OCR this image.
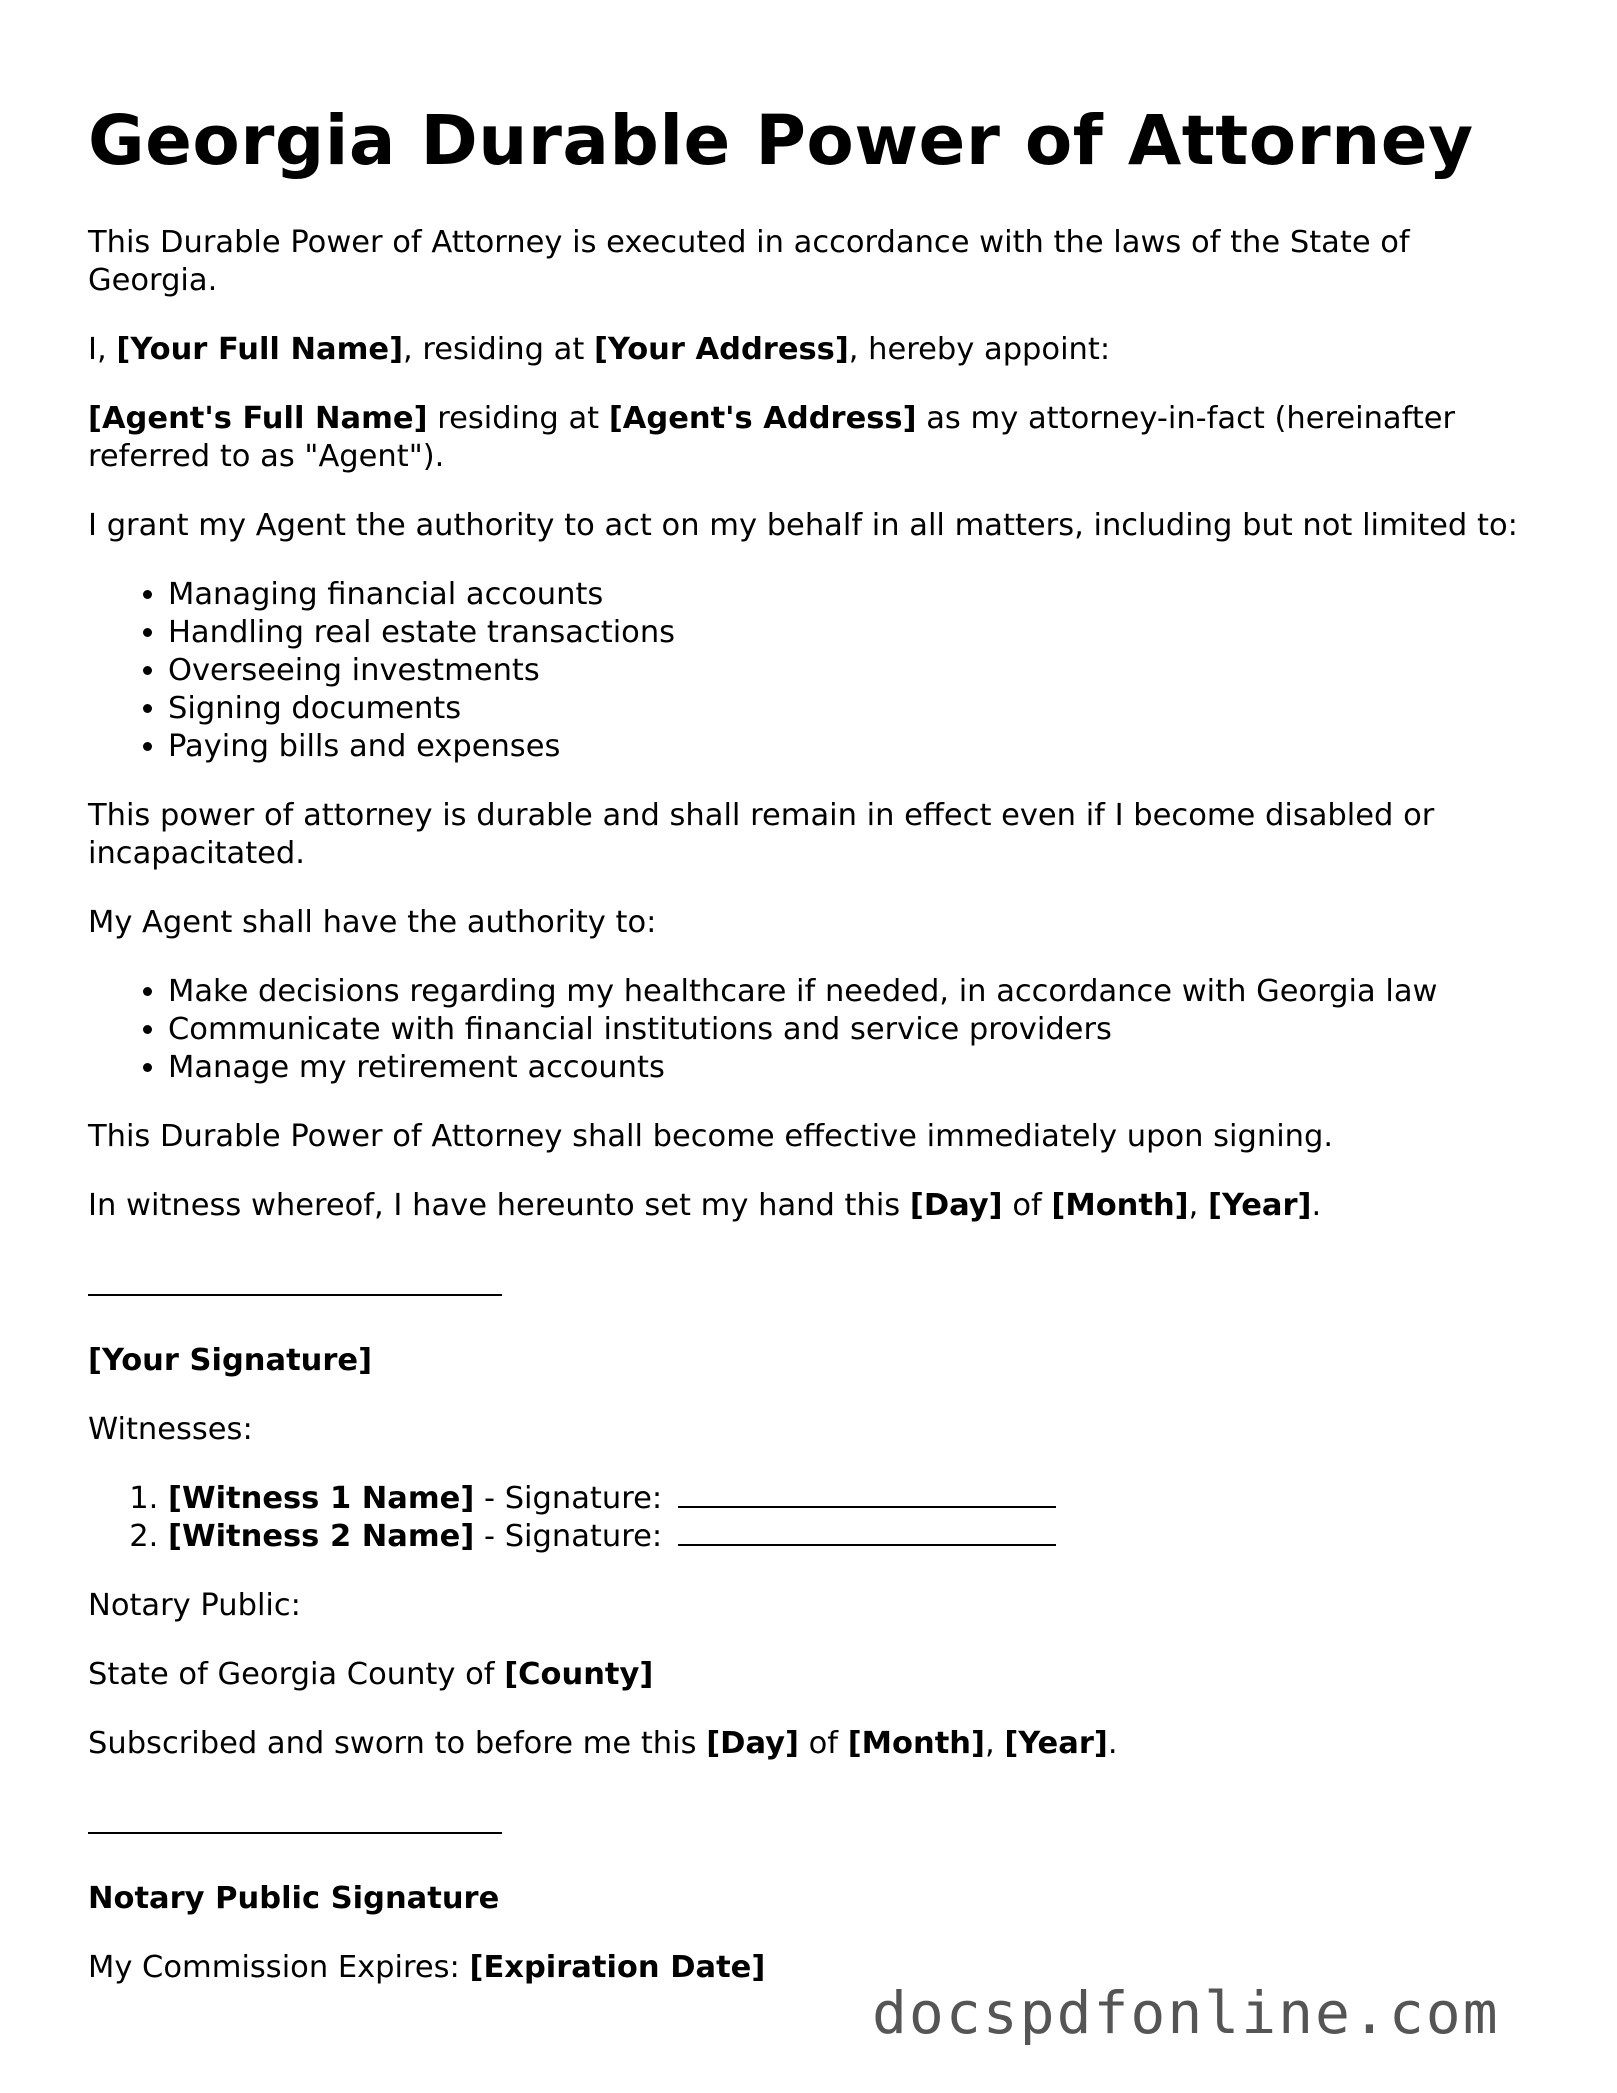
Georgia Durable Power of Attorney

This Durable Power of Attorney is executed in accordance with the laws of the State of Georgia.

I, [Your Full Name], residing at [Your Address], hereby appoint:

[Agent's Full Name] residing at [Agent's Address] as my attorney-in-fact (hereinafter referred to as "Agent").

I grant my Agent the authority to act on my behalf in all matters, including but not limited to:

• Managing financial accounts
• Handling real estate transactions
• Overseeing investments
• Signing documents
• Paying bills and expenses

This power of attorney is durable and shall remain in effect even if I become disabled or incapacitated.

My Agent shall have the authority to:

• Make decisions regarding my healthcare if needed, in accordance with Georgia law
• Communicate with financial institutions and service providers
• Manage my retirement accounts

This Durable Power of Attorney shall become effective immediately upon signing.

In witness whereof, I have hereunto set my hand this [Day] of [Month], [Year].

[Your Signature]

Witnesses:

1. [Witness 1 Name] - Signature:
2. [Witness 2 Name] - Signature:

Notary Public:

State of Georgia County of [County]

Subscribed and sworn to before me this [Day] of [Month], [Year].

Notary Public Signature

My Commission Expires: [Expiration Date]

docspdfonline.com
